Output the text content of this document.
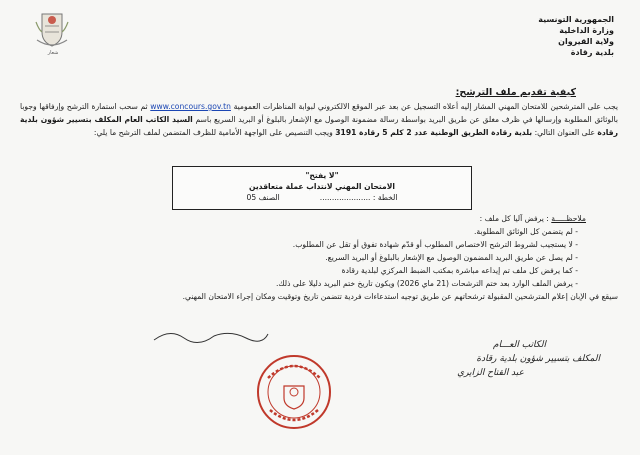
شعار
الجمهورية التونسية
وزارة الداخلية
ولاية القيروان
بلدية رقادة
كيفية تقديم ملف الترشح:

يجب على المترشحين للامتحان المهني المشار إليه أعلاه التسجيل عن بعد عبر الموقع الالكتروني لبوابة المناظرات العمومية www.concours.gov.tn ثم سحب استمارة الترشح وإرفاقها وجوبا بالوثائق المطلوبة وإرسالها في ظرف مغلق عن طريق البريد بواسطة رسالة مضمونة الوصول مع الإشعار بالبلوغ أو البريد السريع باسم السيد الكاتب العام المكلف بتسيير شؤون بلدية رقادة على العنوان التالي: بلدية رقادة الطريق الوطنية عدد 2 كلم 5 رقادة 3191 ويجب التنصيص على الواجهة الأمامية للظرف المتضمن لملف الترشح ما يلي:

"لا يفتح"
الامتحان المهني لانتداب عملة متعاقدين
الخطة : .....................
الصنف 05
ملاحظـــــة : يرفض آليا كل ملف :
- لم يتضمن كل الوثائق المطلوبة.
- لا يستجيب لشروط الترشح الاختصاص المطلوب أو قدّم شهادة تفوق أو تقل عن المطلوب.
- لم يصل عن طريق البريد المضمون الوصول مع الإشعار بالبلوغ أو البريد السريع.
- كما يرفض كل ملف تم إيداعه مباشرة بمكتب الضبط المركزي لبلدية رقادة
- يرفض الملف الوارد بعد ختم الترشحات (21 ماي 2026) ويكون تاريخ ختم البريد دليلا على ذلك.
سيقع في الإبان إعلام المترشحين المقبولة ترشحاتهم عن طريق توجيه استدعاءات فردية تتضمن تاريخ وتوقيت ومكان إجراء الامتحان المهني.
الكاتب العـــام
المكلف بتسيير شؤون بلدية رقادة
عبد القتاح الزايري
